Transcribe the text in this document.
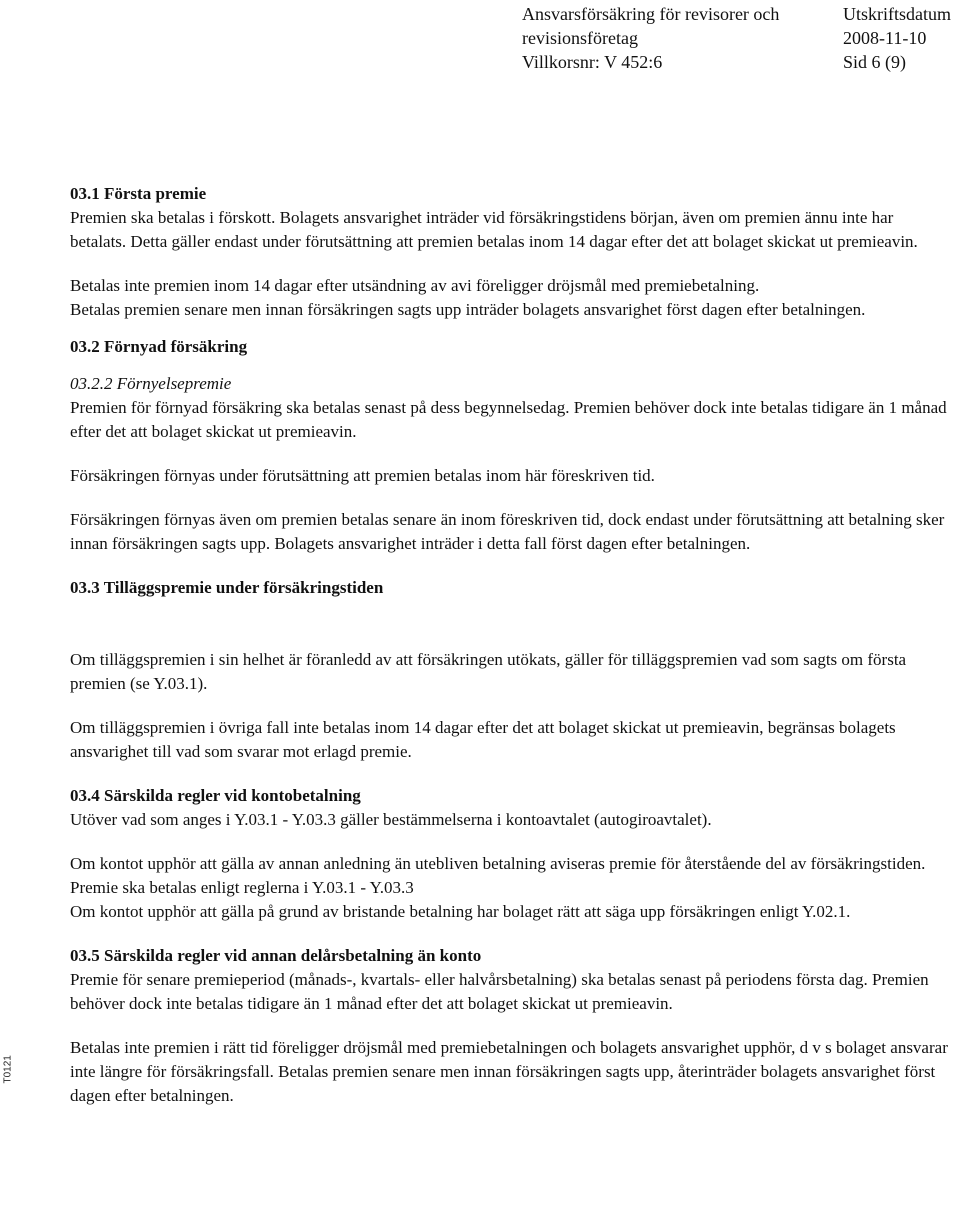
Ansvarsförsäkring för revisorer och
revisionsföretag
Villkorsnr: V 452:6
Utskriftsdatum
2008-11-10
Sid 6 (9)

03.1 Första premie

Premien ska betalas i förskott. Bolagets ansvarighet inträder vid försäkringstidens början, även om premien ännu inte har betalats. Detta gäller endast under förutsättning att premien betalas inom 14 dagar efter det att bolaget skickat ut premieavin.

Betalas inte premien inom 14 dagar efter utsändning av avi föreligger dröjsmål med premiebetalning.

Betalas premien senare men innan försäkringen sagts upp inträder bolagets ansvarighet först dagen efter betalningen.

03.2 Förnyad försäkring

03.2.2 Förnyelsepremie

Premien för förnyad försäkring ska betalas senast på dess begynnelsedag. Premien behöver dock inte betalas tidigare än 1 månad efter det att bolaget skickat ut premieavin.

Försäkringen förnyas under förutsättning att premien betalas inom här föreskriven tid.

Försäkringen förnyas även om premien betalas senare än inom föreskriven tid, dock endast under förutsättning att betalning sker innan försäkringen sagts upp. Bolagets ansvarighet inträder i detta fall först dagen efter betalningen.

03.3 Tilläggspremie under försäkringstiden

Om tilläggspremien i sin helhet är föranledd av att försäkringen utökats, gäller för tilläggspremien vad som sagts om första premien (se Y.03.1).

Om tilläggspremien i övriga fall inte betalas inom 14 dagar efter det att bolaget skickat ut premieavin, begränsas bolagets ansvarighet till vad som svarar mot erlagd premie.

03.4 Särskilda regler vid kontobetalning

Utöver vad som anges i Y.03.1 - Y.03.3 gäller bestämmelserna i kontoavtalet (autogiroavtalet).

Om kontot upphör att gälla av annan anledning än utebliven betalning aviseras premie för återstående del av försäkringstiden. Premie ska betalas enligt reglerna i Y.03.1 - Y.03.3

Om kontot upphör att gälla på grund av bristande betalning har bolaget rätt att säga upp försäkringen enligt Y.02.1.

03.5 Särskilda regler vid annan delårsbetalning än konto

Premie för senare premieperiod (månads-, kvartals- eller halvårsbetalning) ska betalas senast på periodens första dag. Premien behöver dock inte betalas tidigare än 1 månad efter det att bolaget skickat ut premieavin.

Betalas inte premien i rätt tid föreligger dröjsmål med premiebetalningen och bolagets ansvarighet upphör, d v s bolaget ansvarar inte längre för försäkringsfall. Betalas premien senare men innan försäkringen sagts upp, återinträder bolagets ansvarighet först dagen efter betalningen.

T0121
